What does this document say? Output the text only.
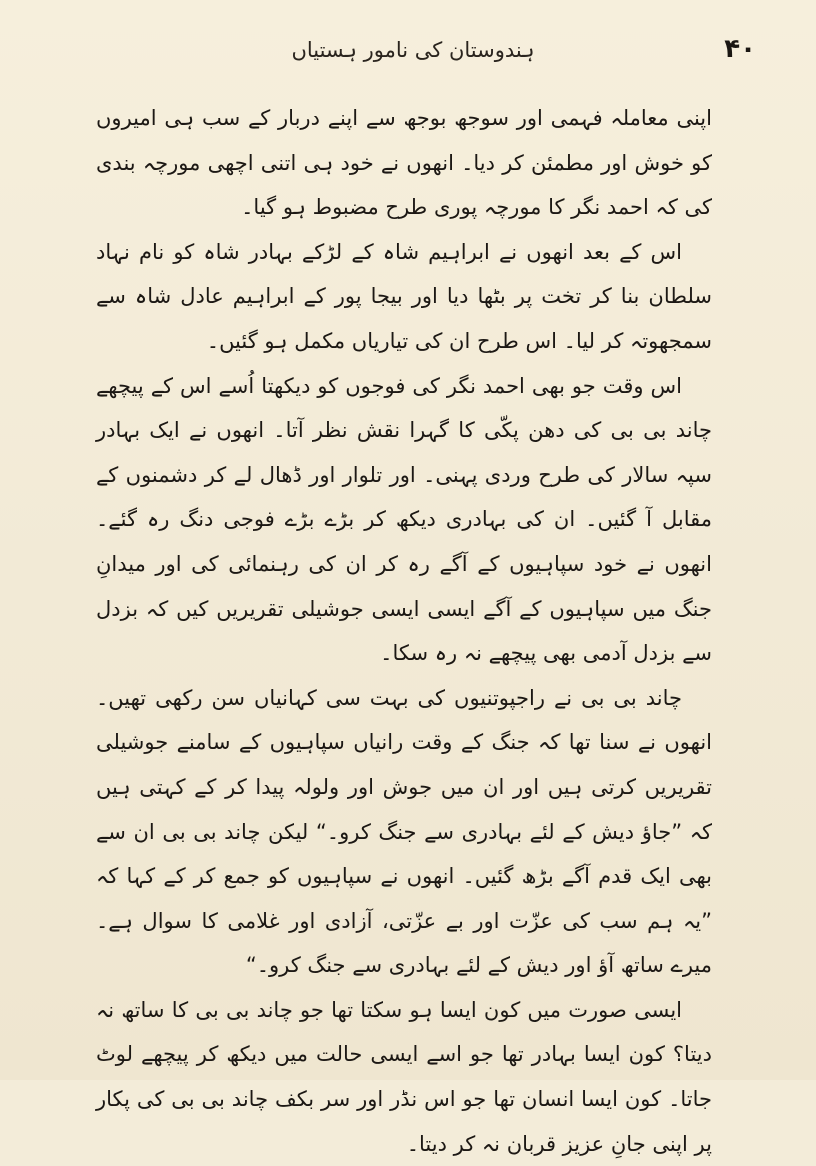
۴۰
ہندوستان کی نامور ہستیاں

اپنی معاملہ فہمی اور سوجھ بوجھ سے اپنے دربار کے سب ہی امیروں کو خوش اور مطمئن کر دیا۔ انھوں نے خود ہی اتنی اچھی مورچہ بندی کی کہ احمد نگر کا مورچہ پوری طرح مضبوط ہو گیا۔

اس کے بعد انھوں نے ابراہیم شاہ کے لڑکے بہادر شاہ کو نام نہاد سلطان بنا کر تخت پر بٹھا دیا اور بیجا پور کے ابراہیم عادل شاہ سے سمجھوتہ کر لیا۔ اس طرح ان کی تیاریاں مکمل ہو گئیں۔

اس وقت جو بھی احمد نگر کی فوجوں کو دیکھتا اُسے اس کے پیچھے چاند بی بی کی دھن پکّی کا گہرا نقش نظر آتا۔ انھوں نے ایک بہادر سپہ سالار کی طرح وردی پہنی۔ اور تلوار اور ڈھال لے کر دشمنوں کے مقابل آ گئیں۔ ان کی بہادری دیکھ کر بڑے بڑے فوجی دنگ رہ گئے۔ انھوں نے خود سپاہیوں کے آگے رہ کر ان کی رہنمائی کی اور میدانِ جنگ میں سپاہیوں کے آگے ایسی ایسی جوشیلی تقریریں کیں کہ بزدل سے بزدل آدمی بھی پیچھے نہ رہ سکا۔

چاند بی بی نے راجپوتنیوں کی بہت سی کہانیاں سن رکھی تھیں۔ انھوں نے سنا تھا کہ جنگ کے وقت رانیاں سپاہیوں کے سامنے جوشیلی تقریریں کرتی ہیں اور ان میں جوش اور ولولہ پیدا کر کے کہتی ہیں کہ ”جاؤ دیش کے لئے بہادری سے جنگ کرو۔“ لیکن چاند بی بی ان سے بھی ایک قدم آگے بڑھ گئیں۔ انھوں نے سپاہیوں کو جمع کر کے کہا کہ ”یہ ہم سب کی عزّت اور بے عزّتی، آزادی اور غلامی کا سوال ہے۔ میرے ساتھ آؤ اور دیش کے لئے بہادری سے جنگ کرو۔“

ایسی صورت میں کون ایسا ہو سکتا تھا جو چاند بی بی کا ساتھ نہ دیتا؟ کون ایسا بہادر تھا جو اسے ایسی حالت میں دیکھ کر پیچھے لوٹ جاتا۔ کون ایسا انسان تھا جو اس نڈر اور سر بکف چاند بی بی کی پکار پر اپنی جانِ عزیز قربان نہ کر دیتا۔
